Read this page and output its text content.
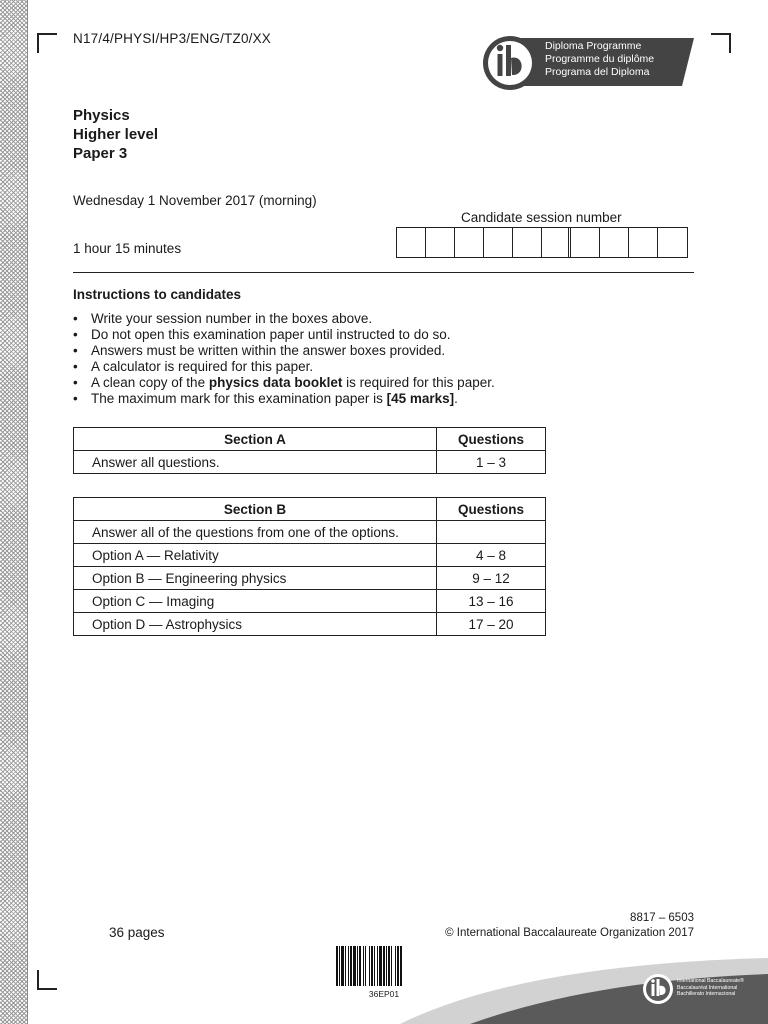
N17/4/PHYSI/HP3/ENG/TZ0/XX	Diploma Programme
Programme du diplôme
Programa del Diploma
Physics
Higher level
Paper 3
Wednesday 1 November 2017 (morning)
1 hour 15 minutes
Candidate session number
Instructions to candidates
• Write your session number in the boxes above.
• Do not open this examination paper until instructed to do so.
• Answers must be written within the answer boxes provided.
• A calculator is required for this paper.
• A clean copy of the physics data booklet is required for this paper.
• The maximum mark for this examination paper is [45 marks].
Section A	Questions
Answer all questions.	1 – 3
Section B	Questions
Answer all of the questions from one of the options.	
Option A — Relativity	4 – 8
Option B — Engineering physics	9 – 12
Option C — Imaging	13 – 16
Option D — Astrophysics	17 – 20
36 pages
8817 – 6503
© International Baccalaureate Organization 2017
36EP01
International Baccalaureate®
Baccalauréat International
Bachillerato Internacional
